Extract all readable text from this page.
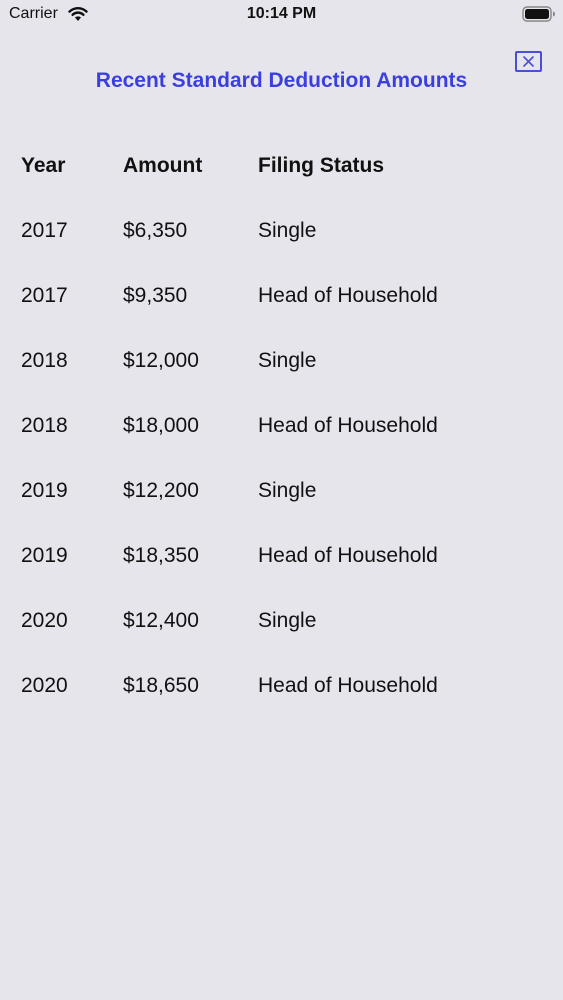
Carrier	10:14 PM
Recent Standard Deduction Amounts
Year	Amount	Filing Status
2017	$6,350	Single
2017	$9,350	Head of Household
2018	$12,000	Single
2018	$18,000	Head of Household
2019	$12,200	Single
2019	$18,350	Head of Household
2020	$12,400	Single
2020	$18,650	Head of Household
